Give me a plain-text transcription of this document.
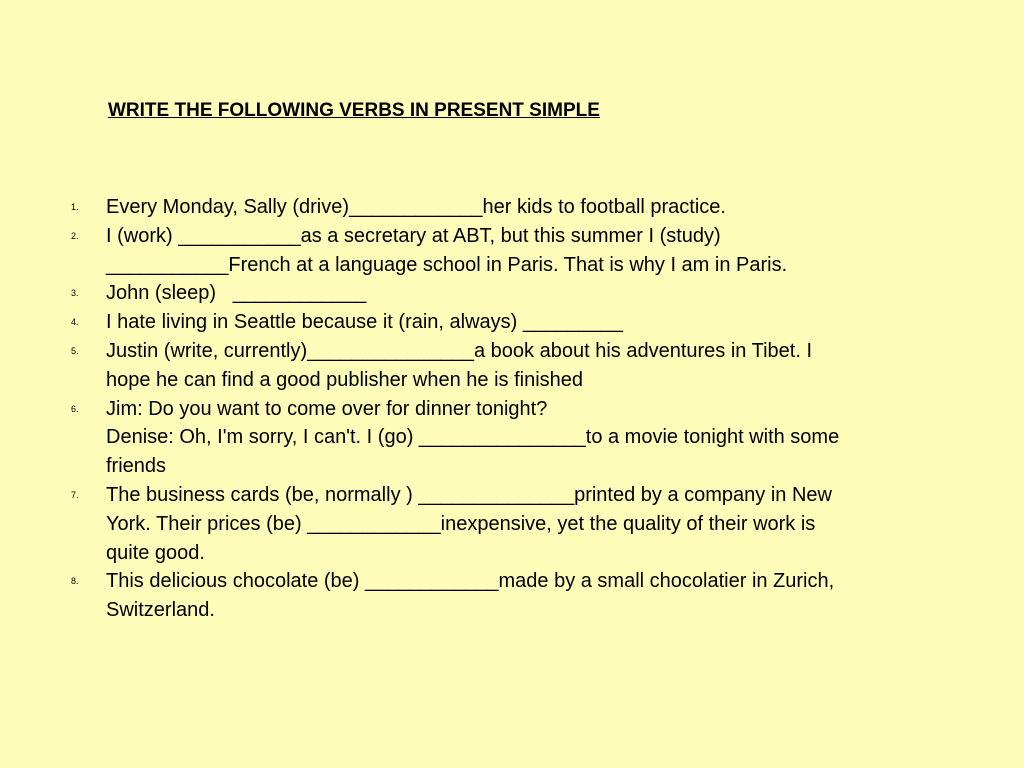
WRITE THE FOLLOWING VERBS IN PRESENT SIMPLE
1. Every Monday, Sally (drive)____________her kids to football practice.
2. I (work) ___________as a secretary at ABT, but this summer I (study)
___________French at a language school in Paris. That is why I am in Paris.
3. John (sleep)   ____________
4. I hate living in Seattle because it (rain, always) _________
5. Justin (write, currently)_______________a book about his adventures in Tibet. I
hope he can find a good publisher when he is finished
6. Jim: Do you want to come over for dinner tonight?
Denise: Oh, I'm sorry, I can't. I (go) _______________to a movie tonight with some
friends
7. The business cards (be, normally ) ______________printed by a company in New
York. Their prices (be) ____________inexpensive, yet the quality of their work is
quite good.
8. This delicious chocolate (be) ____________made by a small chocolatier in Zurich,
Switzerland.
